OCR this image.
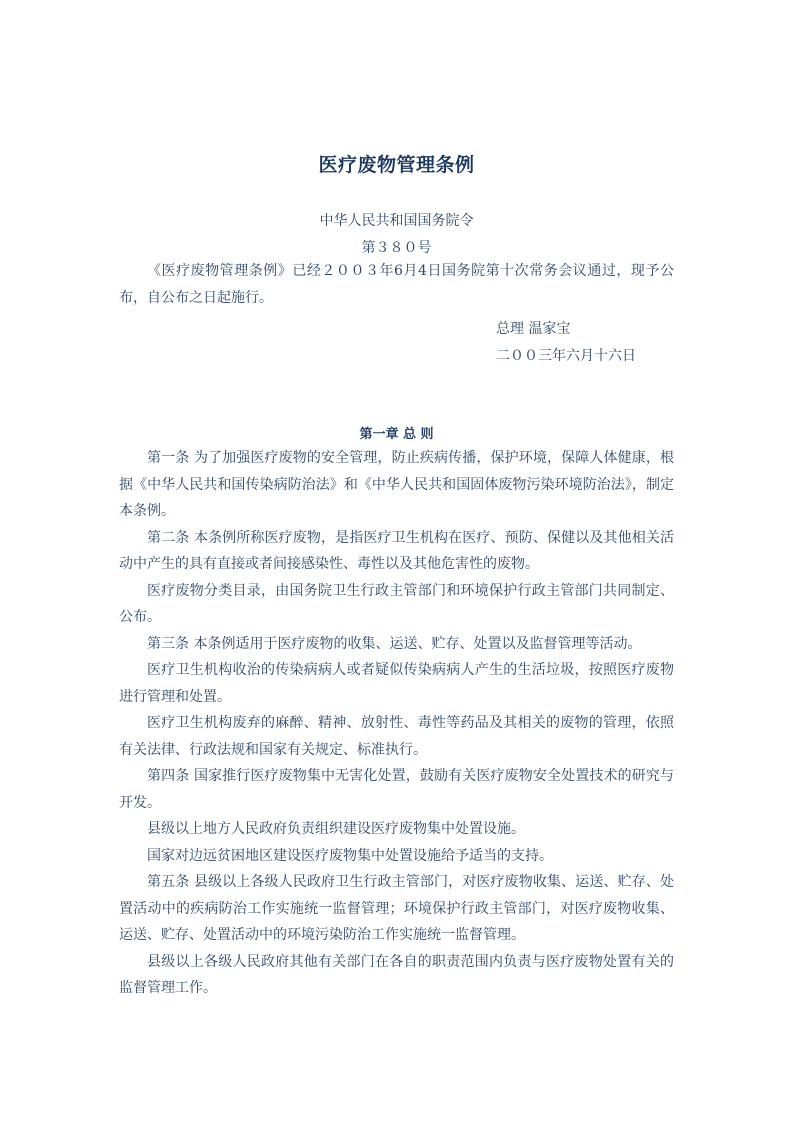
医疗废物管理条例
中华人民共和国国务院令
第３８０号

《医疗废物管理条例》已经２００３年6月4日国务院第十次常务会议通过，现予公布，自公布之日起施行。

总理 温家宝
二００三年六月十六日
第一章 总 则

第一条 为了加强医疗废物的安全管理，防止疾病传播，保护环境，保障人体健康，根据《中华人民共和国传染病防治法》和《中华人民共和国固体废物污染环境防治法》，制定本条例。

第二条 本条例所称医疗废物，是指医疗卫生机构在医疗、预防、保健以及其他相关活动中产生的具有直接或者间接感染性、毒性以及其他危害性的废物。

医疗废物分类目录，由国务院卫生行政主管部门和环境保护行政主管部门共同制定、公布。

第三条 本条例适用于医疗废物的收集、运送、贮存、处置以及监督管理等活动。

医疗卫生机构收治的传染病病人或者疑似传染病病人产生的生活垃圾，按照医疗废物进行管理和处置。

医疗卫生机构废弃的麻醉、精神、放射性、毒性等药品及其相关的废物的管理，依照有关法律、行政法规和国家有关规定、标准执行。

第四条 国家推行医疗废物集中无害化处置，鼓励有关医疗废物安全处置技术的研究与开发。

县级以上地方人民政府负责组织建设医疗废物集中处置设施。

国家对边远贫困地区建设医疗废物集中处置设施给予适当的支持。

第五条 县级以上各级人民政府卫生行政主管部门，对医疗废物收集、运送、贮存、处置活动中的疾病防治工作实施统一监督管理；环境保护行政主管部门，对医疗废物收集、运送、贮存、处置活动中的环境污染防治工作实施统一监督管理。

县级以上各级人民政府其他有关部门在各自的职责范围内负责与医疗废物处置有关的监督管理工作。
